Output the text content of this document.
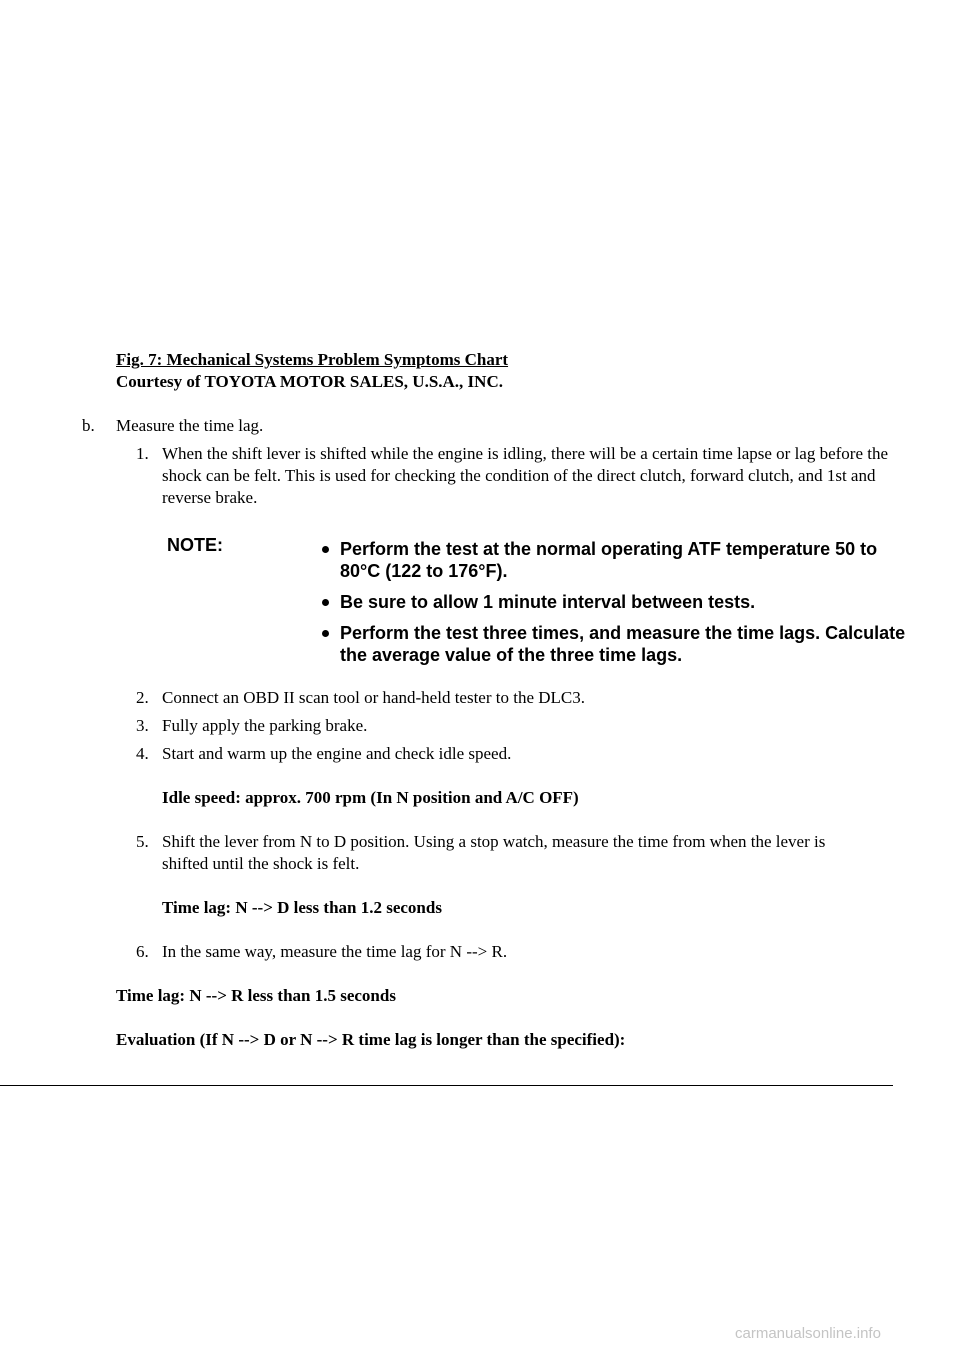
Fig. 7: Mechanical Systems Problem Symptoms Chart
Courtesy of TOYOTA MOTOR SALES, U.S.A., INC.
b. Measure the time lag.
1. When the shift lever is shifted while the engine is idling, there will be a certain time lapse or lag before the shock can be felt. This is used for checking the condition of the direct clutch, forward clutch, and 1st and reverse brake.
NOTE:	Perform the test at the normal operating ATF temperature 50 to 80°C (122 to 176°F).
Be sure to allow 1 minute interval between tests.
Perform the test three times, and measure the time lags. Calculate the average value of the three time lags.
2. Connect an OBD II scan tool or hand-held tester to the DLC3.
3. Fully apply the parking brake.
4. Start and warm up the engine and check idle speed.
Idle speed: approx. 700 rpm (In N position and A/C OFF)
5. Shift the lever from N to D position. Using a stop watch, measure the time from when the lever is shifted until the shock is felt.
Time lag: N --> D less than 1.2 seconds
6. In the same way, measure the time lag for N --> R.
Time lag: N --> R less than 1.5 seconds
Evaluation (If N --> D or N --> R time lag is longer than the specified):
carmanualsonline.info
